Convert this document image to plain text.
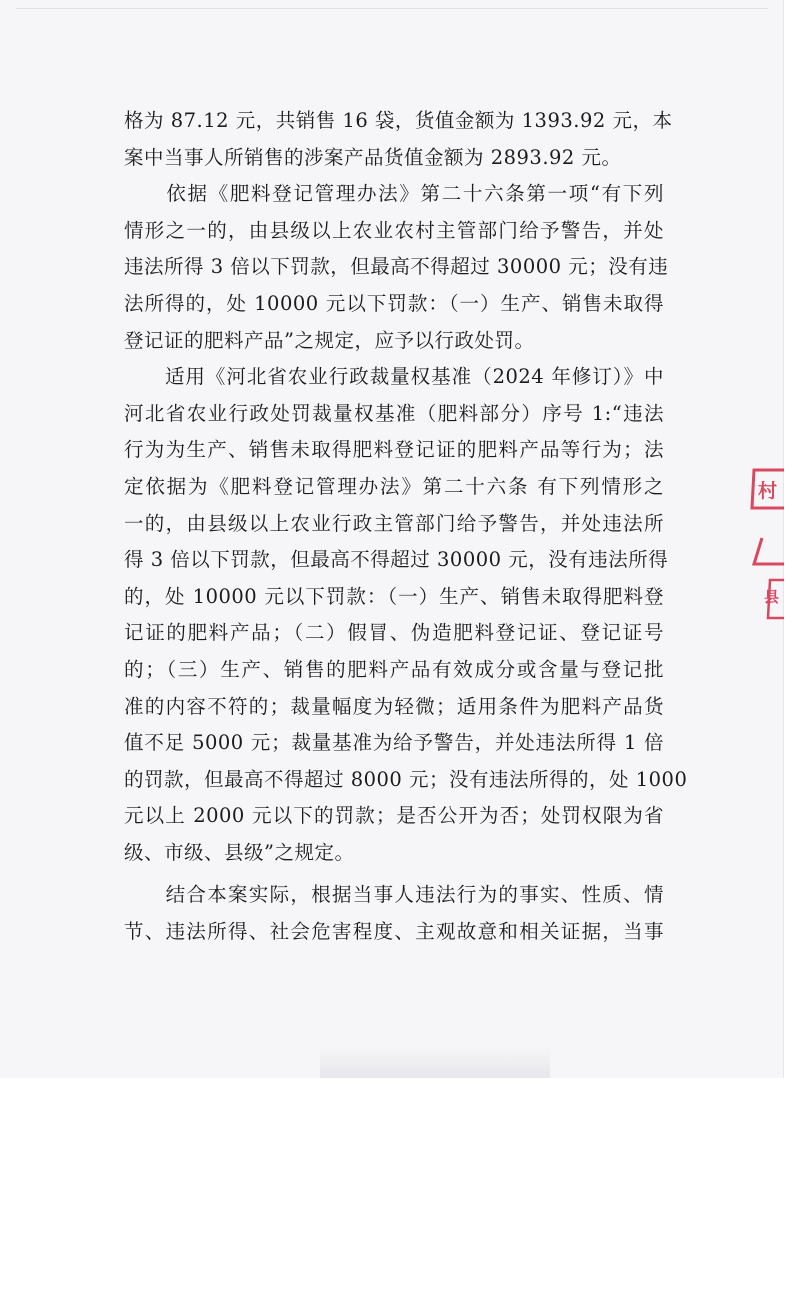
格为 87.12 元，共销售 16 袋，货值金额为 1393.92 元，本
案中当事人所销售的涉案产品货值金额为 2893.92 元。
　　依据《肥料登记管理办法》第二十六条第一项“有下列
情形之一的，由县级以上农业农村主管部门给予警告，并处
违法所得 3 倍以下罚款，但最高不得超过 30000 元；没有违
法所得的，处 10000 元以下罚款：（一）生产、销售未取得
登记证的肥料产品”之规定，应予以行政处罚。
　　适用《河北省农业行政裁量权基准（2024 年修订）》中
河北省农业行政处罚裁量权基准（肥料部分）序号 1:“违法
行为为生产、销售未取得肥料登记证的肥料产品等行为；法
定依据为《肥料登记管理办法》第二十六条 有下列情形之
一的，由县级以上农业行政主管部门给予警告，并处违法所
得 3 倍以下罚款，但最高不得超过 30000 元，没有违法所得
的，处 10000 元以下罚款：（一）生产、销售未取得肥料登
记证的肥料产品；（二）假冒、伪造肥料登记证、登记证号
的；（三）生产、销售的肥料产品有效成分或含量与登记批
准的内容不符的；裁量幅度为轻微；适用条件为肥料产品货
值不足 5000 元；裁量基准为给予警告，并处违法所得 1 倍
的罚款，但最高不得超过 8000 元；没有违法所得的，处 1000
元以上 2000 元以下的罚款；是否公开为否；处罚权限为省
级、市级、县级”之规定。
　　结合本案实际，根据当事人违法行为的事实、性质、情
节、违法所得、社会危害程度、主观故意和相关证据，当事
村
县
